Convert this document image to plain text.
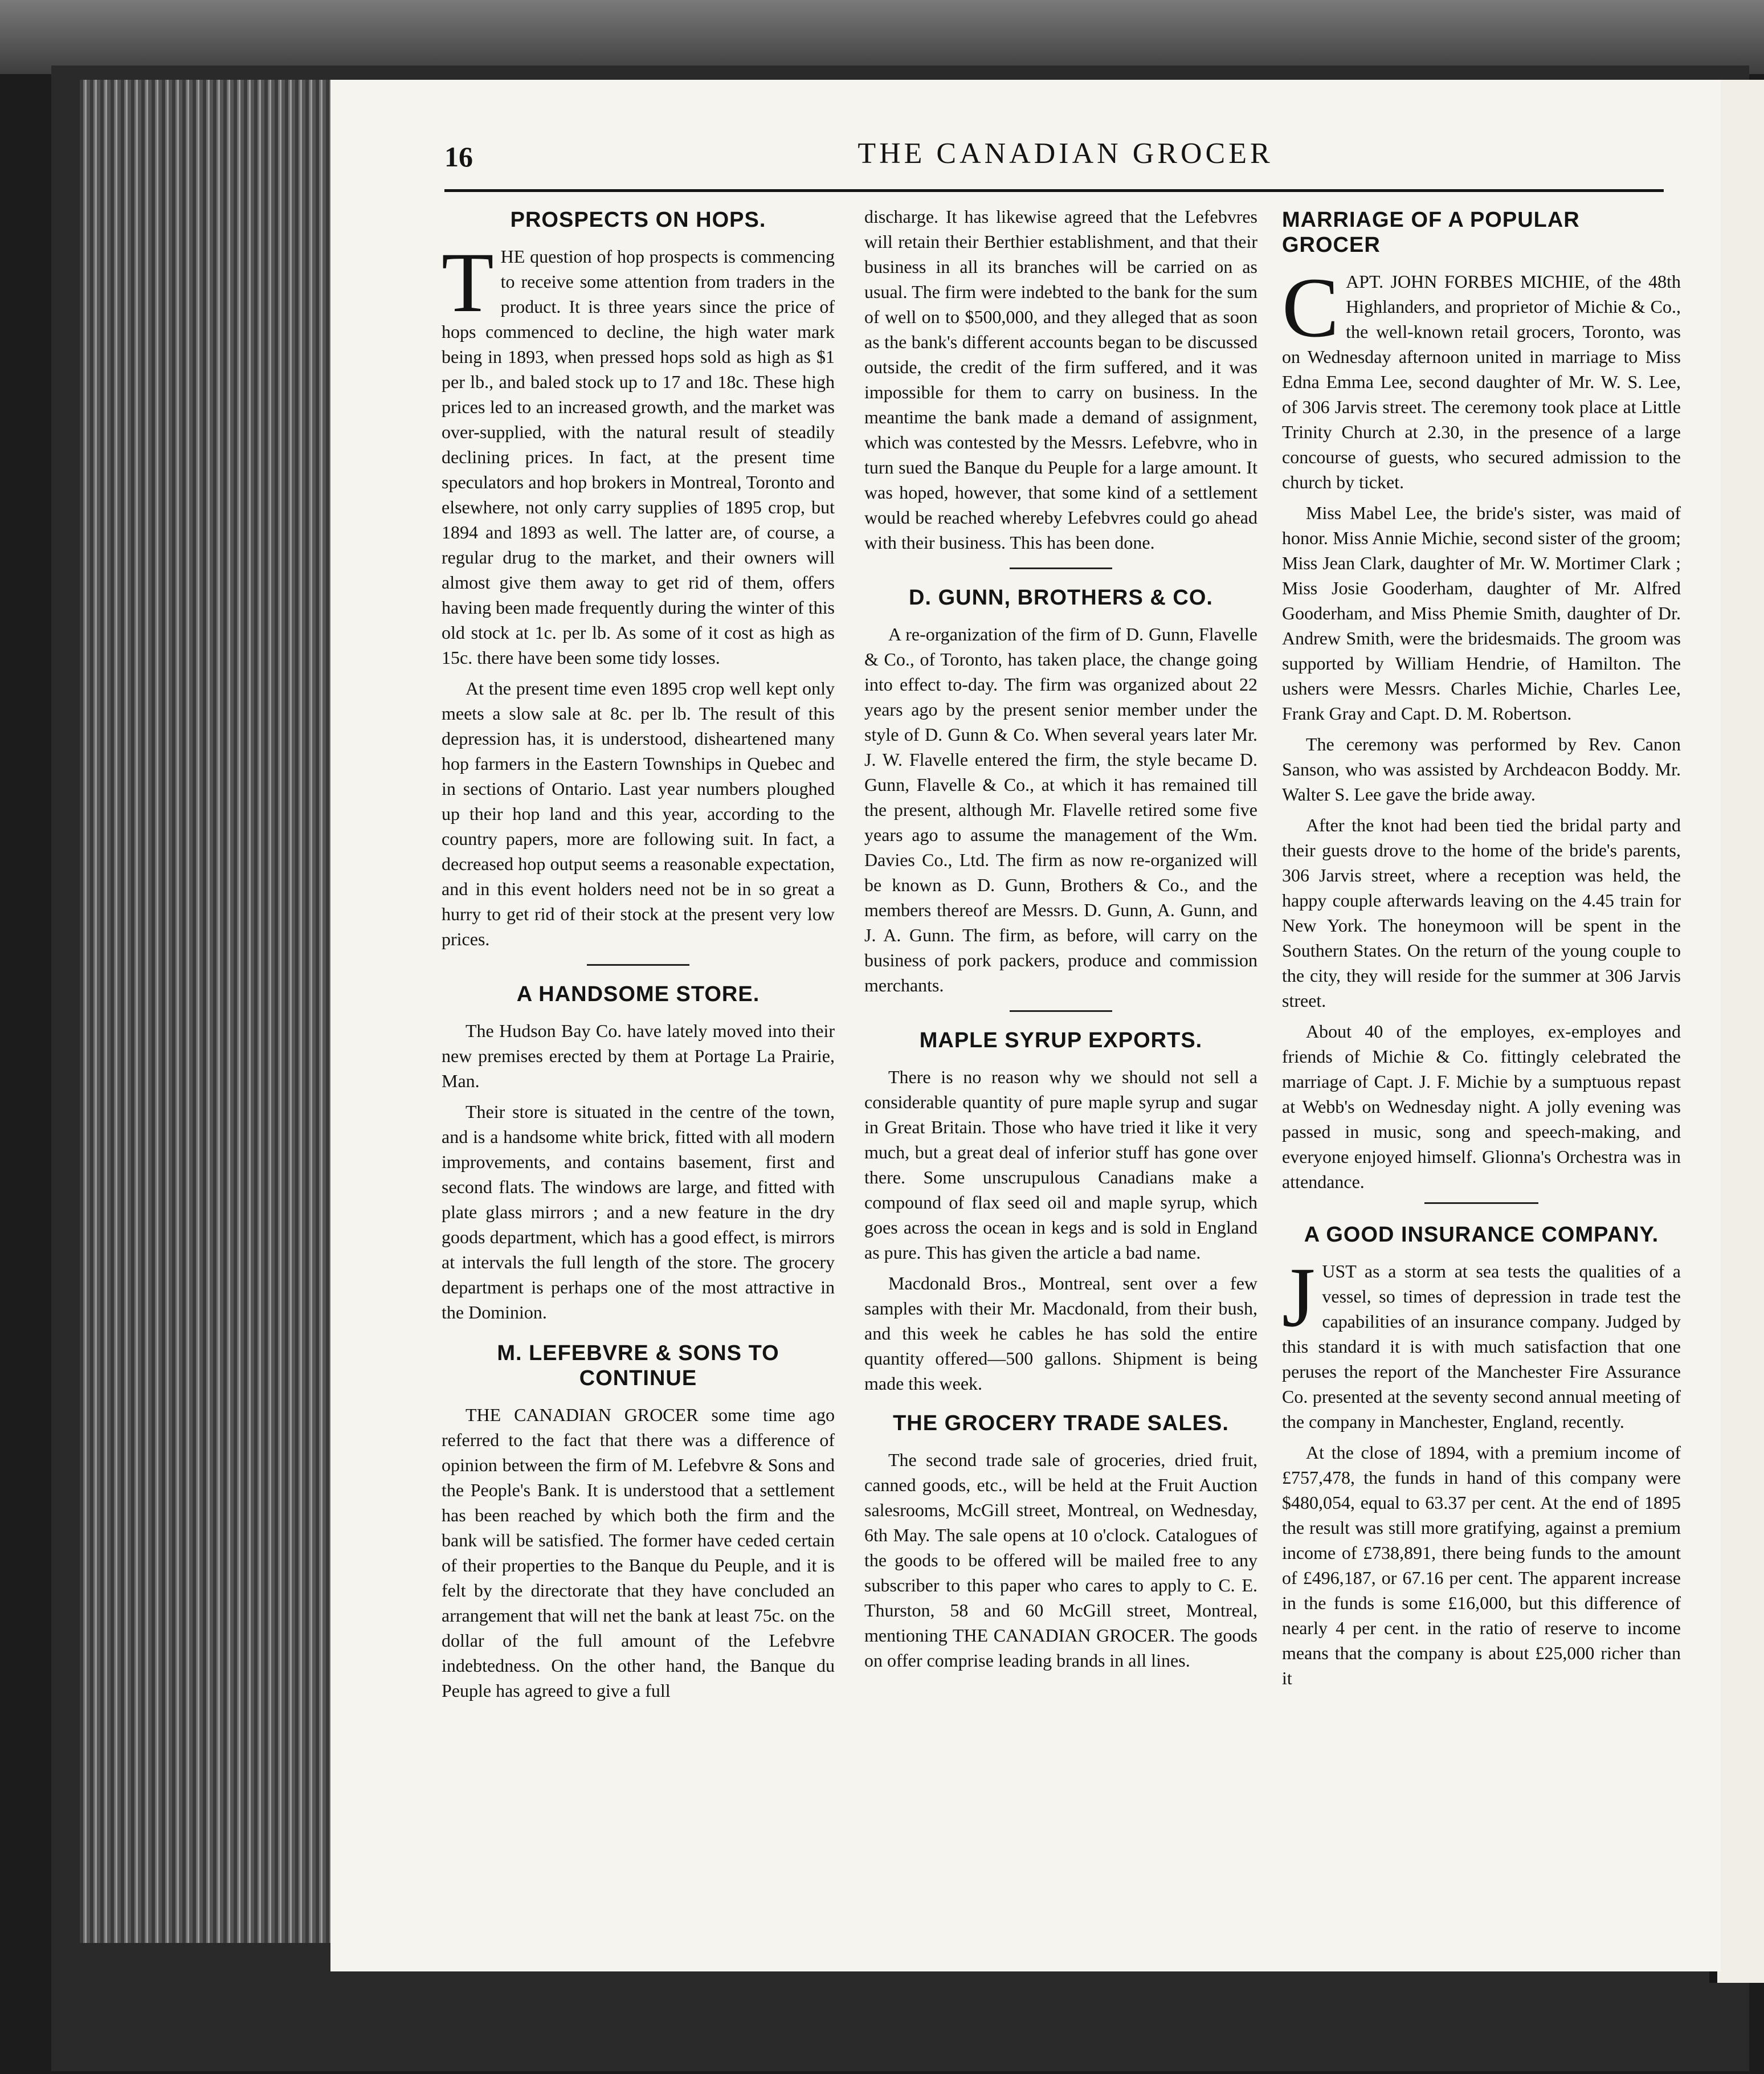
16	THE CANADIAN GROCER
PROSPECTS ON HOPS.

THE question of hop prospects is commencing to receive some attention from traders in the product. It is three years since the price of hops commenced to decline, the high water mark being in 1893, when pressed hops sold as high as $1 per lb., and baled stock up to 17 and 18c. These high prices led to an increased growth, and the market was over-supplied, with the natural result of steadily declining prices. In fact, at the present time speculators and hop brokers in Montreal, Toronto and elsewhere, not only carry supplies of 1895 crop, but 1894 and 1893 as well. The latter are, of course, a regular drug to the market, and their owners will almost give them away to get rid of them, offers having been made frequently during the winter of this old stock at 1c. per lb. As some of it cost as high as 15c. there have been some tidy losses.

At the present time even 1895 crop well kept only meets a slow sale at 8c. per lb. The result of this depression has, it is understood, disheartened many hop farmers in the Eastern Townships in Quebec and in sections of Ontario. Last year numbers ploughed up their hop land and this year, according to the country papers, more are following suit. In fact, a decreased hop output seems a reasonable expectation, and in this event holders need not be in so great a hurry to get rid of their stock at the present very low prices.

A HANDSOME STORE.

The Hudson Bay Co. have lately moved into their new premises erected by them at Portage La Prairie, Man.

Their store is situated in the centre of the town, and is a handsome white brick, fitted with all modern improvements, and contains basement, first and second flats. The windows are large, and fitted with plate glass mirrors ; and a new feature in the dry goods department, which has a good effect, is mirrors at intervals the full length of the store. The grocery department is perhaps one of the most attractive in the Dominion.

M. LEFEBVRE & SONS TO CONTINUE

THE CANADIAN GROCER some time ago referred to the fact that there was a difference of opinion between the firm of M. Lefebvre & Sons and the People's Bank. It is understood that a settlement has been reached by which both the firm and the bank will be satisfied. The former have ceded certain of their properties to the Banque du Peuple, and it is felt by the directorate that they have concluded an arrangement that will net the bank at least 75c. on the dollar of the full amount of the Lefebvre indebtedness. On the other hand, the Banque du Peuple has agreed to give a full

discharge. It has likewise agreed that the Lefebvres will retain their Berthier establishment, and that their business in all its branches will be carried on as usual. The firm were indebted to the bank for the sum of well on to $500,000, and they alleged that as soon as the bank's different accounts began to be discussed outside, the credit of the firm suffered, and it was impossible for them to carry on business. In the meantime the bank made a demand of assignment, which was contested by the Messrs. Lefebvre, who in turn sued the Banque du Peuple for a large amount. It was hoped, however, that some kind of a settlement would be reached whereby Lefebvres could go ahead with their business. This has been done.

D. GUNN, BROTHERS & CO.

A re-organization of the firm of D. Gunn, Flavelle & Co., of Toronto, has taken place, the change going into effect to-day. The firm was organized about 22 years ago by the present senior member under the style of D. Gunn & Co. When several years later Mr. J. W. Flavelle entered the firm, the style became D. Gunn, Flavelle & Co., at which it has remained till the present, although Mr. Flavelle retired some five years ago to assume the management of the Wm. Davies Co., Ltd. The firm as now re-organized will be known as D. Gunn, Brothers & Co., and the members thereof are Messrs. D. Gunn, A. Gunn, and J. A. Gunn. The firm, as before, will carry on the business of pork packers, produce and commission merchants.

MAPLE SYRUP EXPORTS.

There is no reason why we should not sell a considerable quantity of pure maple syrup and sugar in Great Britain. Those who have tried it like it very much, but a great deal of inferior stuff has gone over there. Some unscrupulous Canadians make a compound of flax seed oil and maple syrup, which goes across the ocean in kegs and is sold in England as pure. This has given the article a bad name.

Macdonald Bros., Montreal, sent over a few samples with their Mr. Macdonald, from their bush, and this week he cables he has sold the entire quantity offered—500 gallons. Shipment is being made this week.

THE GROCERY TRADE SALES.

The second trade sale of groceries, dried fruit, canned goods, etc., will be held at the Fruit Auction salesrooms, McGill street, Montreal, on Wednesday, 6th May. The sale opens at 10 o'clock. Catalogues of the goods to be offered will be mailed free to any subscriber to this paper who cares to apply to C. E. Thurston, 58 and 60 McGill street, Montreal, mentioning THE CANADIAN GROCER. The goods on offer comprise leading brands in all lines.

MARRIAGE OF A POPULAR GROCER

CAPT. JOHN FORBES MICHIE, of the 48th Highlanders, and proprietor of Michie & Co., the well-known retail grocers, Toronto, was on Wednesday afternoon united in marriage to Miss Edna Emma Lee, second daughter of Mr. W. S. Lee, of 306 Jarvis street. The ceremony took place at Little Trinity Church at 2.30, in the presence of a large concourse of guests, who secured admission to the church by ticket.

Miss Mabel Lee, the bride's sister, was maid of honor. Miss Annie Michie, second sister of the groom; Miss Jean Clark, daughter of Mr. W. Mortimer Clark ; Miss Josie Gooderham, daughter of Mr. Alfred Gooderham, and Miss Phemie Smith, daughter of Dr. Andrew Smith, were the bridesmaids. The groom was supported by William Hendrie, of Hamilton. The ushers were Messrs. Charles Michie, Charles Lee, Frank Gray and Capt. D. M. Robertson.

The ceremony was performed by Rev. Canon Sanson, who was assisted by Archdeacon Boddy. Mr. Walter S. Lee gave the bride away.

After the knot had been tied the bridal party and their guests drove to the home of the bride's parents, 306 Jarvis street, where a reception was held, the happy couple afterwards leaving on the 4.45 train for New York. The honeymoon will be spent in the Southern States. On the return of the young couple to the city, they will reside for the summer at 306 Jarvis street.

About 40 of the employes, ex-employes and friends of Michie & Co. fittingly celebrated the marriage of Capt. J. F. Michie by a sumptuous repast at Webb's on Wednesday night. A jolly evening was passed in music, song and speech-making, and everyone enjoyed himself. Glionna's Orchestra was in attendance.

A GOOD INSURANCE COMPANY.

JUST as a storm at sea tests the qualities of a vessel, so times of depression in trade test the capabilities of an insurance company. Judged by this standard it is with much satisfaction that one peruses the report of the Manchester Fire Assurance Co. presented at the seventy second annual meeting of the company in Manchester, England, recently.

At the close of 1894, with a premium income of £757,478, the funds in hand of this company were $480,054, equal to 63.37 per cent. At the end of 1895 the result was still more gratifying, against a premium income of £738,891, there being funds to the amount of £496,187, or 67.16 per cent. The apparent increase in the funds is some £16,000, but this difference of nearly 4 per cent. in the ratio of reserve to income means that the company is about £25,000 richer than it
